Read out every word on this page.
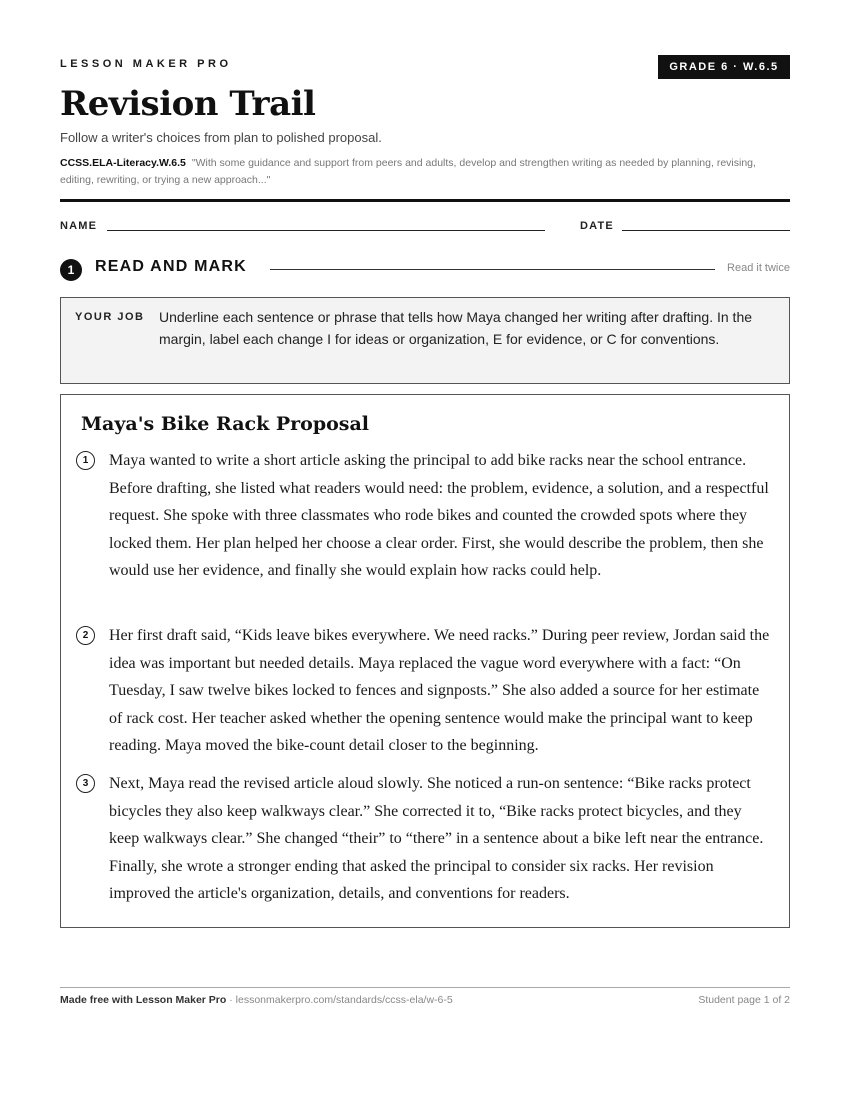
LESSON MAKER PRO	GRADE 6 · W.6.5
Revision Trail
Follow a writer's choices from plan to polished proposal.
CCSS.ELA-Literacy.W.6.5 "With some guidance and support from peers and adults, develop and strengthen writing as needed by planning, revising, editing, rewriting, or trying a new approach..."
NAME	DATE
1	READ AND MARK	Read it twice
YOUR JOB Underline each sentence or phrase that tells how Maya changed her writing after drafting. In the margin, label each change I for ideas or organization, E for evidence, or C for conventions.
Maya's Bike Rack Proposal
1	Maya wanted to write a short article asking the principal to add bike racks near the school entrance. Before drafting, she listed what readers would need: the problem, evidence, a solution, and a respectful request. She spoke with three classmates who rode bikes and counted the crowded spots where they locked them. Her plan helped her choose a clear order. First, she would describe the problem, then she would use her evidence, and finally she would explain how racks could help.
2	Her first draft said, “Kids leave bikes everywhere. We need racks.” During peer review, Jordan said the idea was important but needed details. Maya replaced the vague word everywhere with a fact: “On Tuesday, I saw twelve bikes locked to fences and signposts.” She also added a source for her estimate of rack cost. Her teacher asked whether the opening sentence would make the principal want to keep reading. Maya moved the bike-count detail closer to the beginning.
3	Next, Maya read the revised article aloud slowly. She noticed a run-on sentence: “Bike racks protect bicycles they also keep walkways clear.” She corrected it to, “Bike racks protect bicycles, and they keep walkways clear.” She changed “their” to “there” in a sentence about a bike left near the entrance. Finally, she wrote a stronger ending that asked the principal to consider six racks. Her revision improved the article's organization, details, and conventions for readers.
Made free with Lesson Maker Pro · lessonmakerpro.com/standards/ccss-ela/w-6-5	Student page 1 of 2
